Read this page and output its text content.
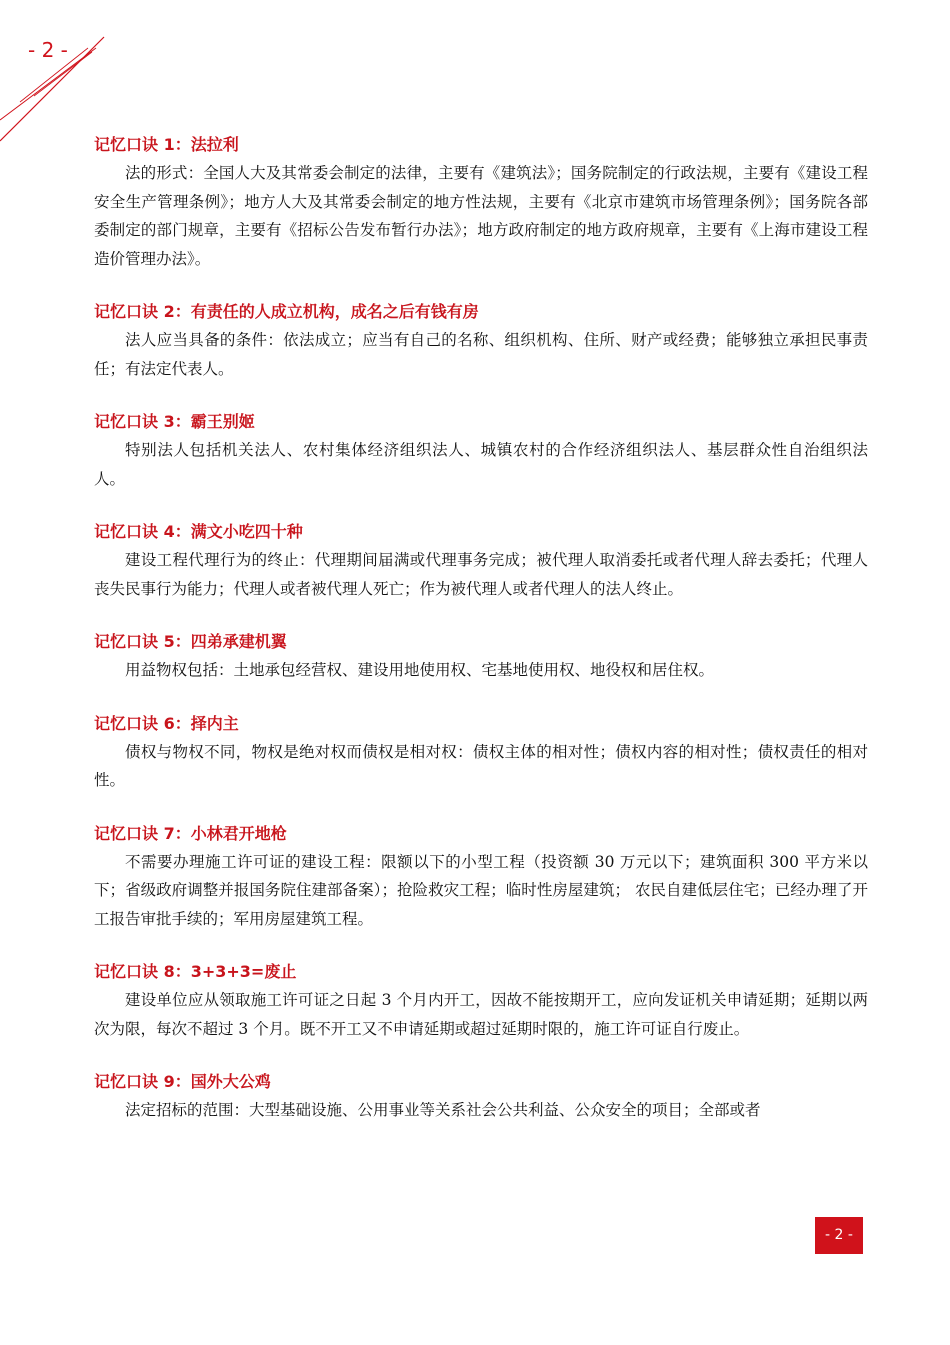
- 2 -
记忆口诀 1：法拉利
法的形式：全国人大及其常委会制定的法律，主要有《建筑法》；国务院制定的行政法规，主要有《建设工程安全生产管理条例》；地方人大及其常委会制定的地方性法规，主要有《北京市建筑市场管理条例》；国务院各部委制定的部门规章，主要有《招标公告发布暂行办法》；地方政府制定的地方政府规章，主要有《上海市建设工程造价管理办法》。
记忆口诀 2：有责任的人成立机构，成名之后有钱有房
法人应当具备的条件：依法成立；应当有自己的名称、组织机构、住所、财产或经费；能够独立承担民事责任；有法定代表人。
记忆口诀 3：霸王别姬
特别法人包括机关法人、农村集体经济组织法人、城镇农村的合作经济组织法人、基层群众性自治组织法人。
记忆口诀 4：满文小吃四十种
建设工程代理行为的终止：代理期间届满或代理事务完成；被代理人取消委托或者代理人辞去委托；代理人丧失民事行为能力；代理人或者被代理人死亡；作为被代理人或者代理人的法人终止。
记忆口诀 5：四弟承建机翼
用益物权包括：土地承包经营权、建设用地使用权、宅基地使用权、地役权和居住权。
记忆口诀 6：择内主
债权与物权不同，物权是绝对权而债权是相对权：债权主体的相对性；债权内容的相对性；债权责任的相对性。
记忆口诀 7：小林君开地枪
不需要办理施工许可证的建设工程：限额以下的小型工程（投资额 30 万元以下；建筑面积 300 平方米以下；省级政府调整并报国务院住建部备案）；抢险救灾工程；临时性房屋建筑； 农民自建低层住宅；已经办理了开工报告审批手续的；军用房屋建筑工程。
记忆口诀 8：3+3+3=废止
建设单位应从领取施工许可证之日起 3 个月内开工，因故不能按期开工，应向发证机关申请延期；延期以两次为限，每次不超过 3 个月。既不开工又不申请延期或超过延期时限的，施工许可证自行废止。
记忆口诀 9：国外大公鸡
法定招标的范围：大型基础设施、公用事业等关系社会公共利益、公众安全的项目；全部或者
- 2 -
